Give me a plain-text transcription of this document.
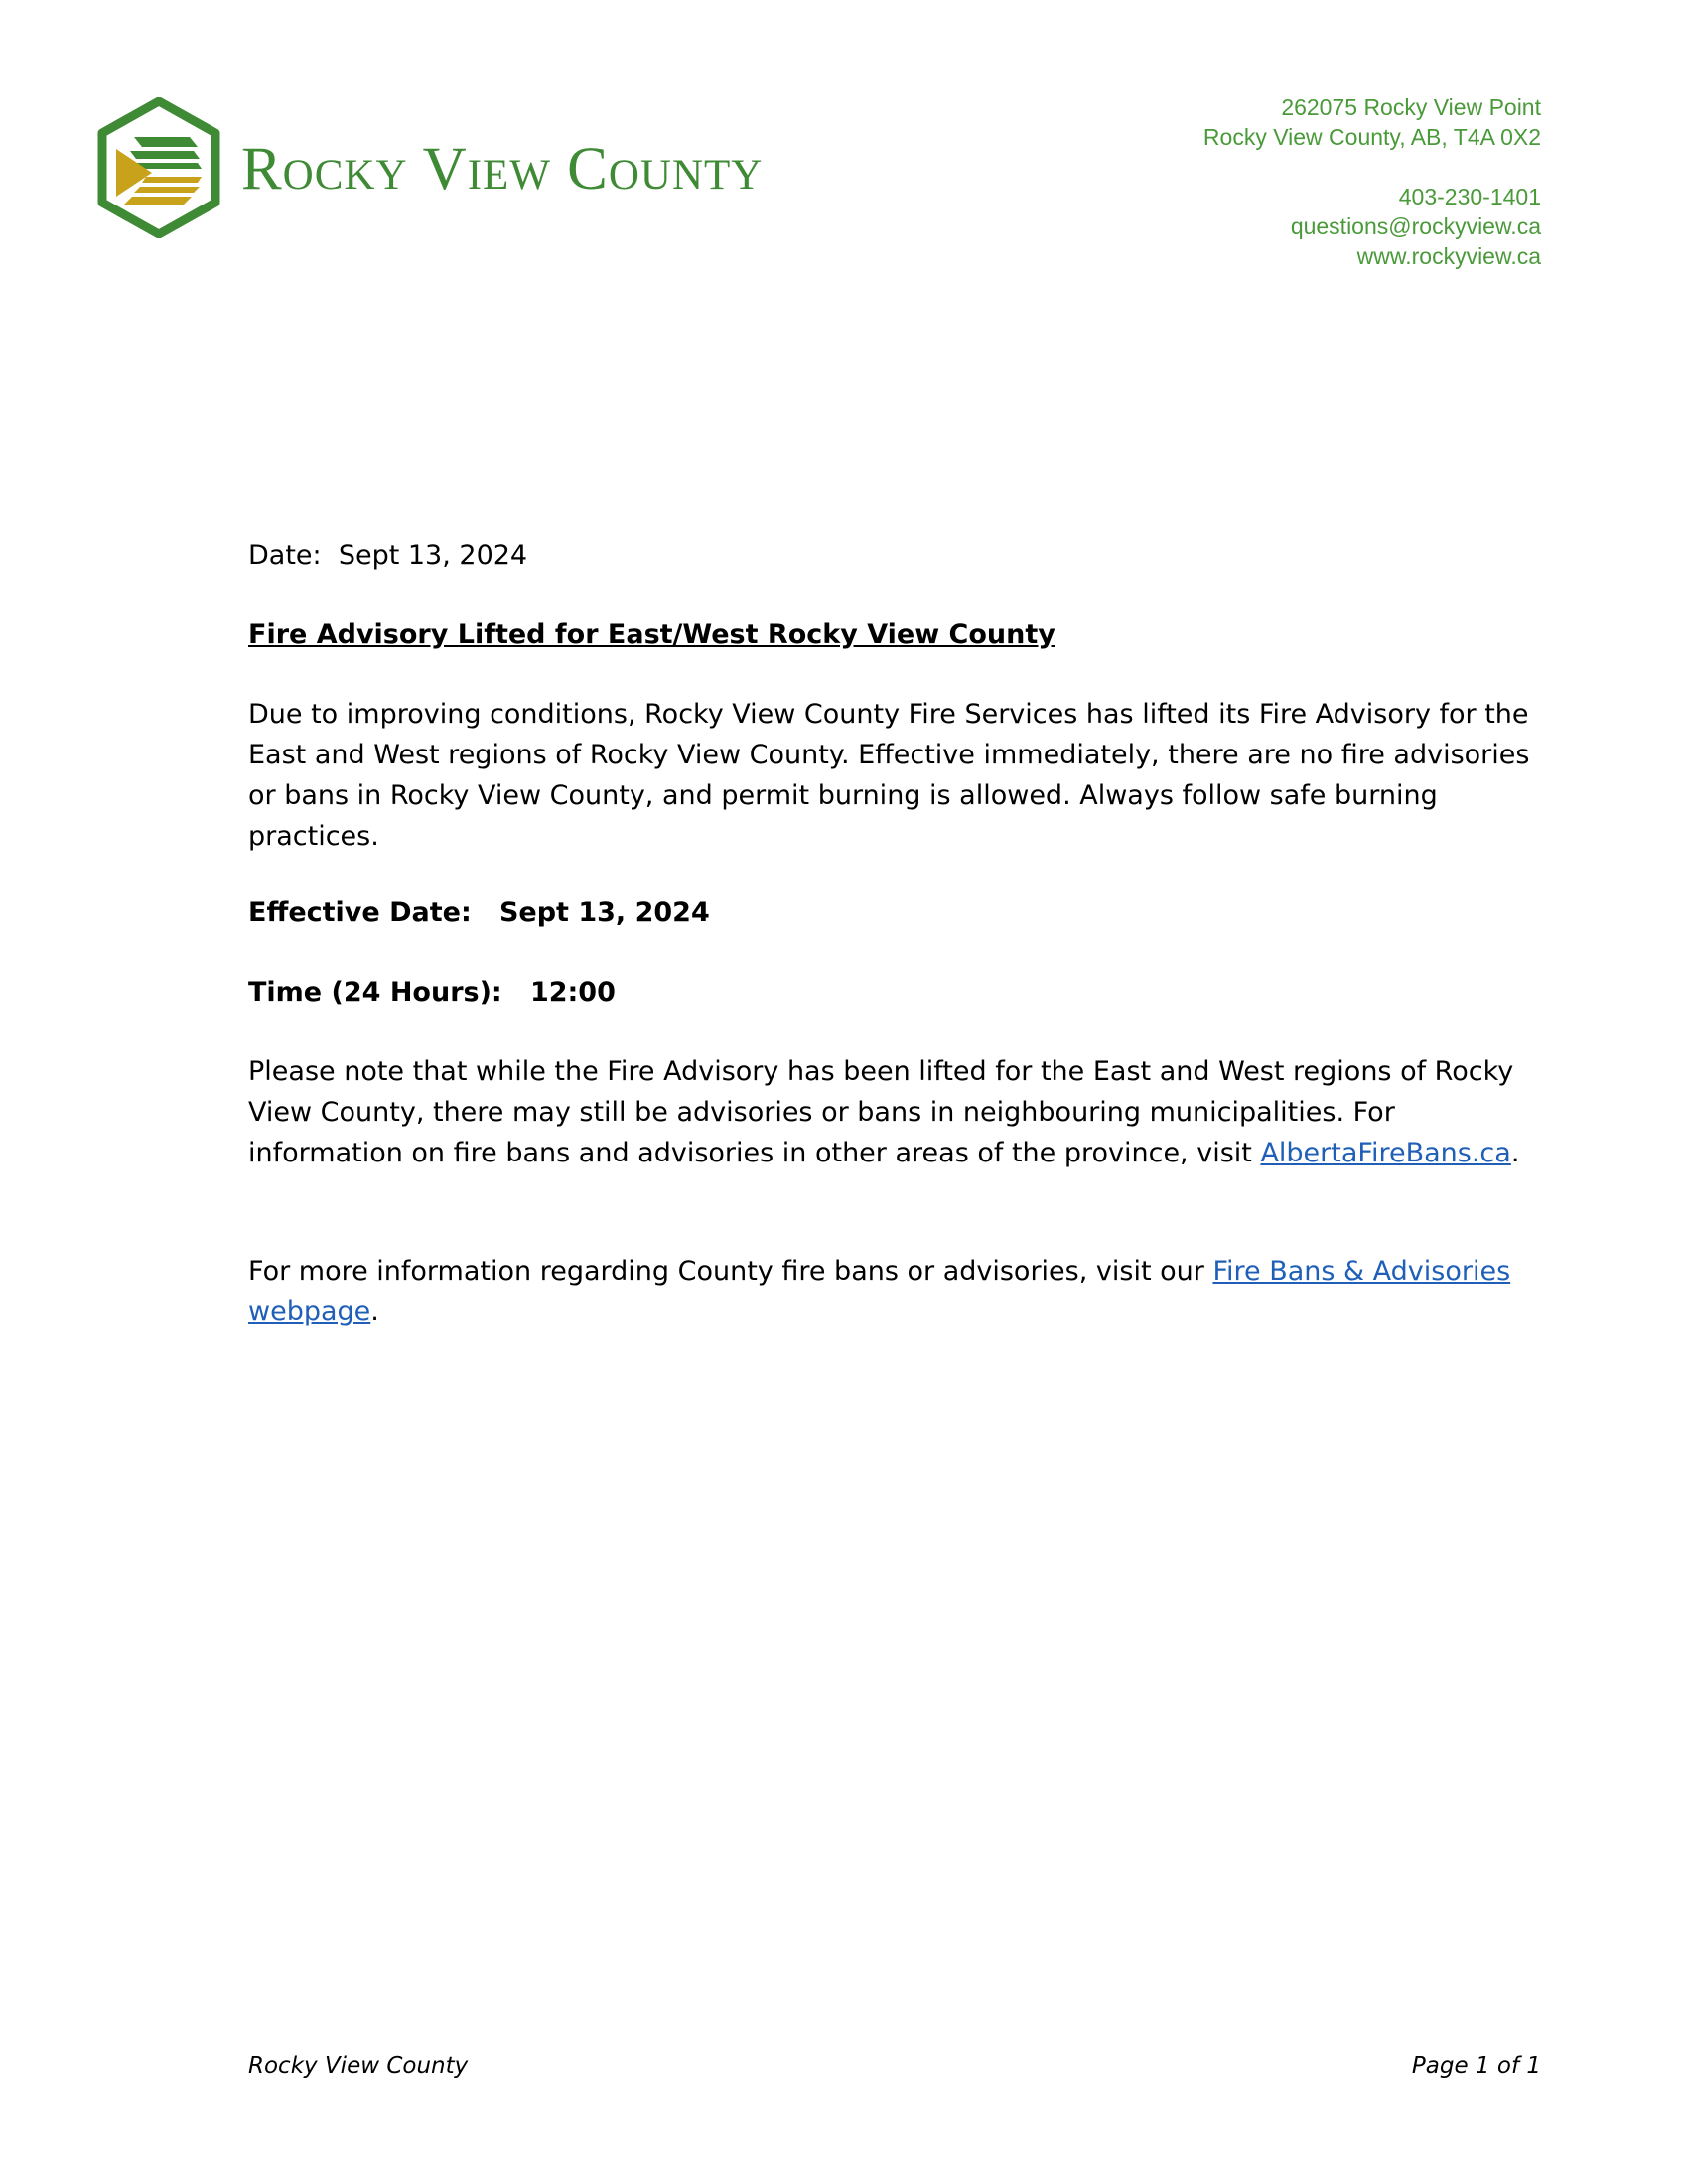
Rocky View County
262075 Rocky View Point
Rocky View County, AB, T4A 0X2
403-230-1401
questions@rockyview.ca
www.rockyview.ca
Date: Sept 13, 2024
Fire Advisory Lifted for East/West Rocky View County
Due to improving conditions, Rocky View County Fire Services has lifted its Fire Advisory for the
East and West regions of Rocky View County. Effective immediately, there are no fire advisories
or bans in Rocky View County, and permit burning is allowed. Always follow safe burning
practices.
Effective Date: Sept 13, 2024
Time (24 Hours): 12:00
Please note that while the Fire Advisory has been lifted for the East and West regions of Rocky
View County, there may still be advisories or bans in neighbouring municipalities. For
information on fire bans and advisories in other areas of the province, visit AlbertaFireBans.ca.
For more information regarding County fire bans or advisories, visit our Fire Bans & Advisories
webpage.
Rocky View County	Page 1 of 1
